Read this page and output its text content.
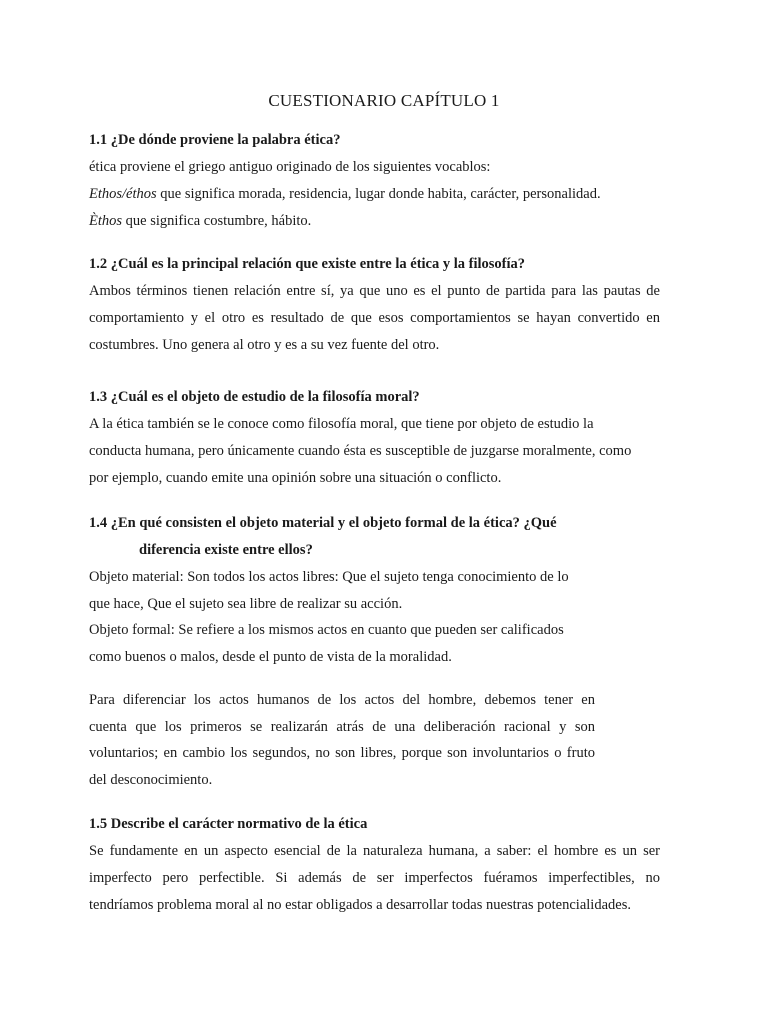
CUESTIONARIO CAPÍTULO 1
1.1 ¿De dónde proviene la palabra ética?
ética proviene el griego antiguo originado de los siguientes vocablos:
Ethos/éthos que significa morada, residencia, lugar donde habita, carácter, personalidad.
Èthos que significa costumbre, hábito.
1.2 ¿Cuál es la principal relación que existe entre la ética y la filosofía?
Ambos términos tienen relación entre sí, ya que uno es el punto de partida para las pautas de
comportamiento y el otro es resultado de que esos comportamientos se hayan convertido en
costumbres. Uno genera al otro y es a su vez fuente del otro.
1.3 ¿Cuál es el objeto de estudio de la filosofía moral?
A la ética también se le conoce como filosofía moral, que tiene por objeto de estudio la
conducta humana, pero únicamente cuando ésta es susceptible de juzgarse moralmente, como
por ejemplo, cuando emite una opinión sobre una situación o conflicto.
1.4 ¿En qué consisten el objeto material y el objeto formal de la ética? ¿Qué
diferencia existe entre ellos?
Objeto material: Son todos los actos libres: Que el sujeto tenga conocimiento de lo
que hace, Que el sujeto sea libre de realizar su acción.
Objeto formal: Se refiere a los mismos actos en cuanto que pueden ser calificados
como buenos o malos, desde el punto de vista de la moralidad.
Para diferenciar los actos humanos de los actos del hombre, debemos tener en
cuenta que los primeros se realizarán atrás de una deliberación racional y son
voluntarios; en cambio los segundos, no son libres, porque son involuntarios o fruto
del desconocimiento.
1.5 Describe el carácter normativo de la ética
Se fundamente en un aspecto esencial de la naturaleza humana, a saber: el hombre es un ser
imperfecto pero perfectible. Si además de ser imperfectos fuéramos imperfectibles, no
tendríamos problema moral al no estar obligados a desarrollar todas nuestras potencialidades.
